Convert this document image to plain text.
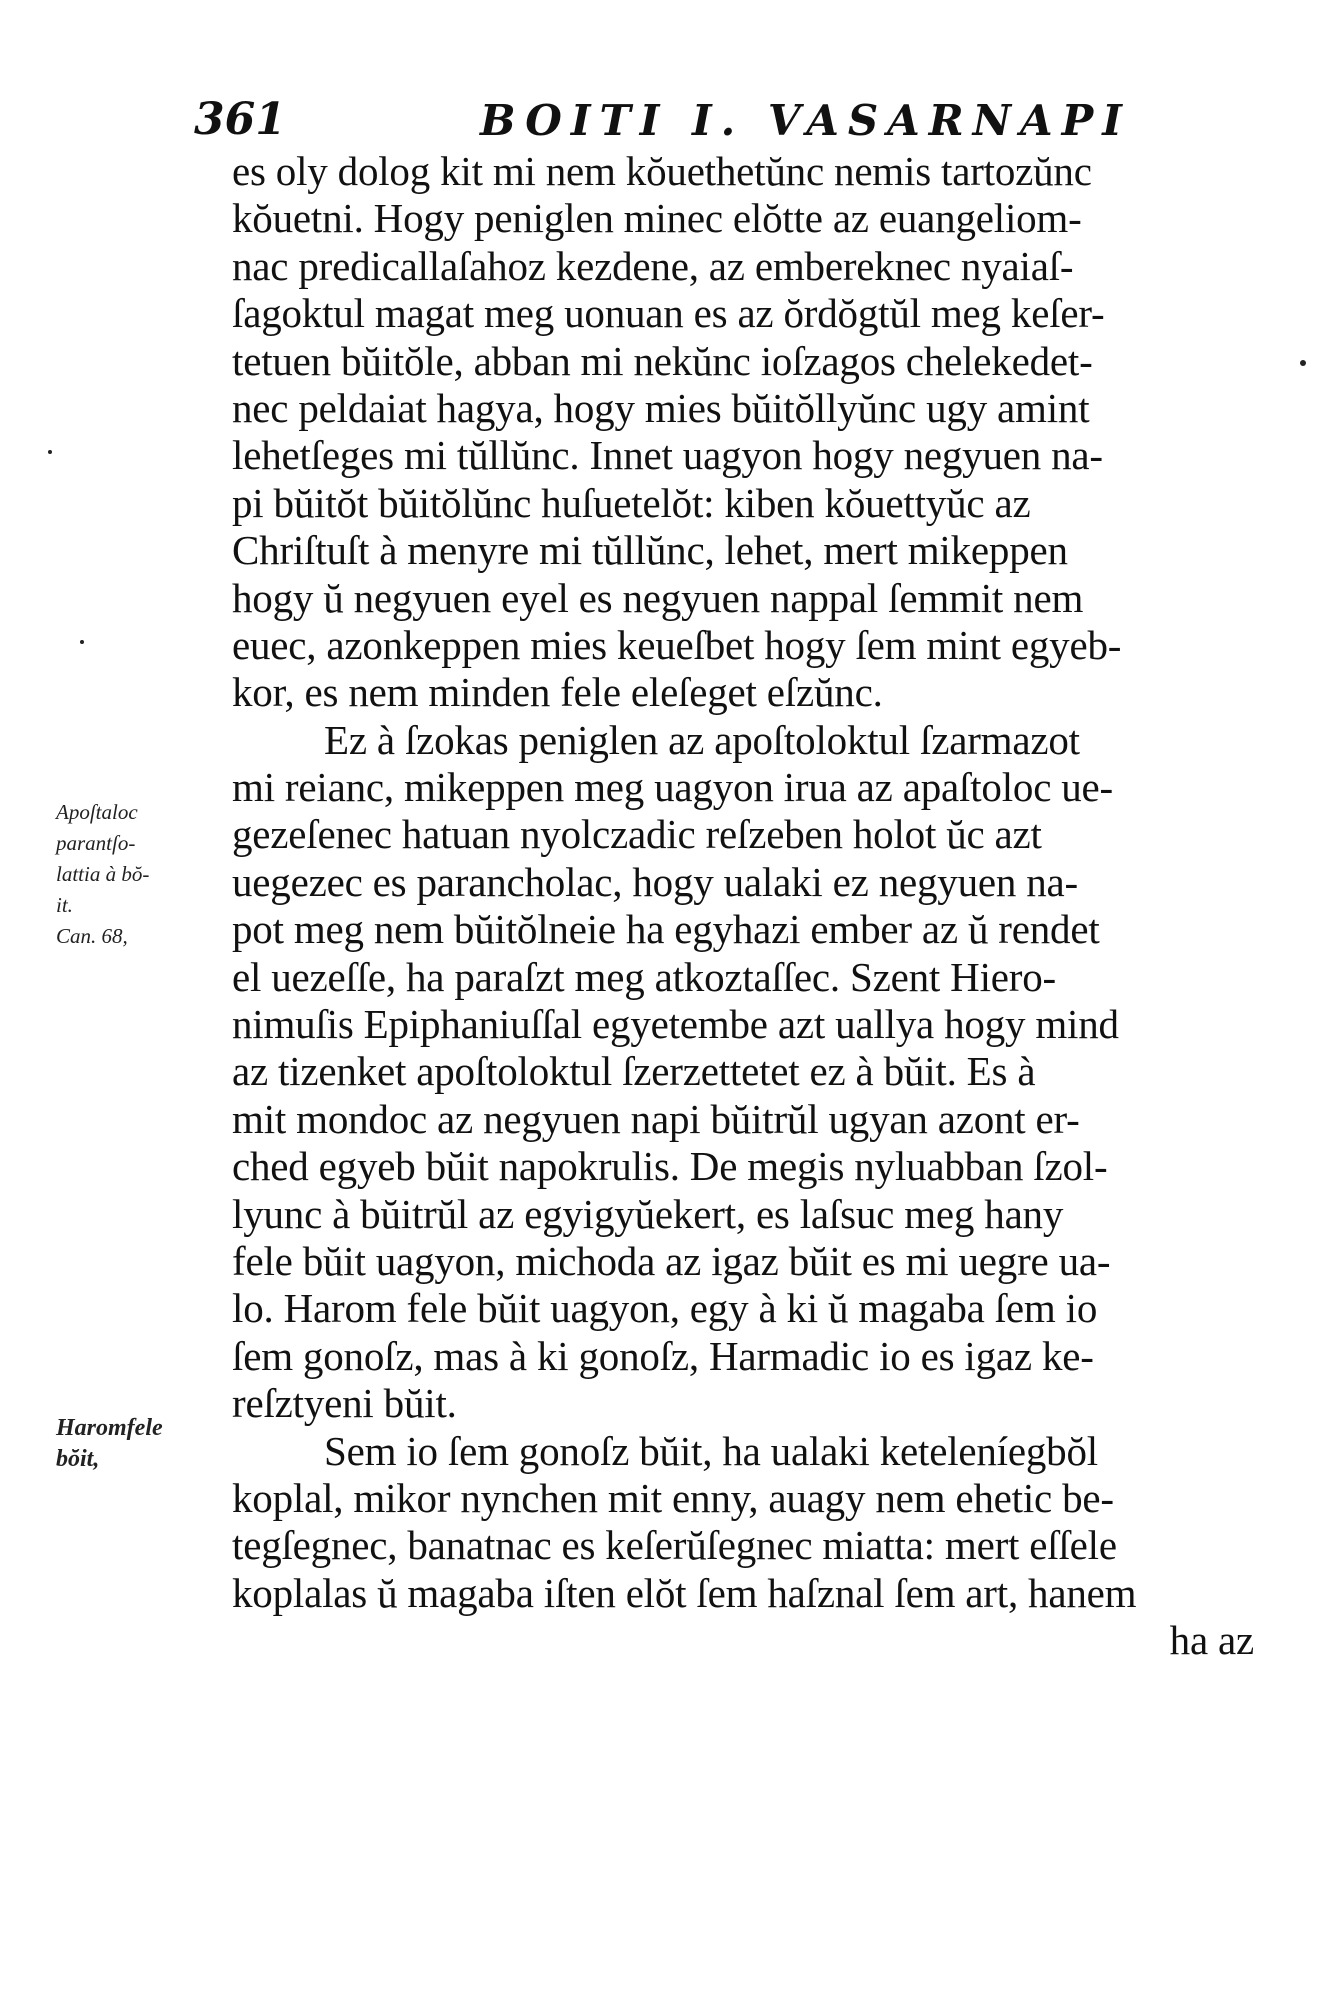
361	BOITI I. VASARNAPI
Apoſtaloc
parantſo-
lattia à bŏ-
it.
Can. 68,
Haromfele
bŏit,
es oly dolog kit mi nem kŏuethetŭnc nemis tartozŭnc
kŏuetni. Hogy peniglen minec elŏtte az euangeliom-
nac predicallaſahoz kezdene, az embereknec nyaiaſ-
ſagoktul magat meg uonuan es az ŏrdŏgtŭl meg keſer-
tetuen bŭitŏle, abban mi nekŭnc ioſzagos chelekedet-
nec peldaiat hagya, hogy mies bŭitŏllyŭnc ugy amint
lehetſeges mi tŭllŭnc. Innet uagyon hogy negyuen na-
pi bŭitŏt bŭitŏlŭnc huſuetelŏt: kiben kŏuettyŭc az
Chriſtuſt à menyre mi tŭllŭnc, lehet, mert mikeppen
hogy ŭ negyuen eyel es negyuen nappal ſemmit nem
euec, azonkeppen mies keueſbet hogy ſem mint egyeb-
kor, es nem minden fele eleſeget eſzŭnc.
Ez à ſzokas peniglen az apoſtoloktul ſzarmazot
mi reianc, mikeppen meg uagyon irua az apaſtoloc ue-
gezeſenec hatuan nyolczadic reſzeben holot ŭc azt
uegezec es parancholac, hogy ualaki ez negyuen na-
pot meg nem bŭitŏlneie ha egyhazi ember az ŭ rendet
el uezeſſe, ha paraſzt meg atkoztaſſec. Szent Hiero-
nimuſis Epiphaniuſſal egyetembe azt uallya hogy mind
az tizenket apoſtoloktul ſzerzettetet ez à bŭit. Es à
mit mondoc az negyuen napi bŭitrŭl ugyan azont er-
ched egyeb bŭit napokrulis. De megis nyluabban ſzol-
lyunc à bŭitrŭl az egyigyŭekert, es laſsuc meg hany
fele bŭit uagyon, michoda az igaz bŭit es mi uegre ua-
lo. Harom fele bŭit uagyon, egy à ki ŭ magaba ſem io
ſem gonoſz, mas à ki gonoſz, Harmadic io es igaz ke-
reſztyeni bŭit.
Sem io ſem gonoſz bŭit, ha ualaki keteleníegbŏl
koplal, mikor nynchen mit enny, auagy nem ehetic be-
tegſegnec, banatnac es keſerŭſegnec miatta: mert eſſele
koplalas ŭ magaba iſten elŏt ſem haſznal ſem art, hanem
ha az
